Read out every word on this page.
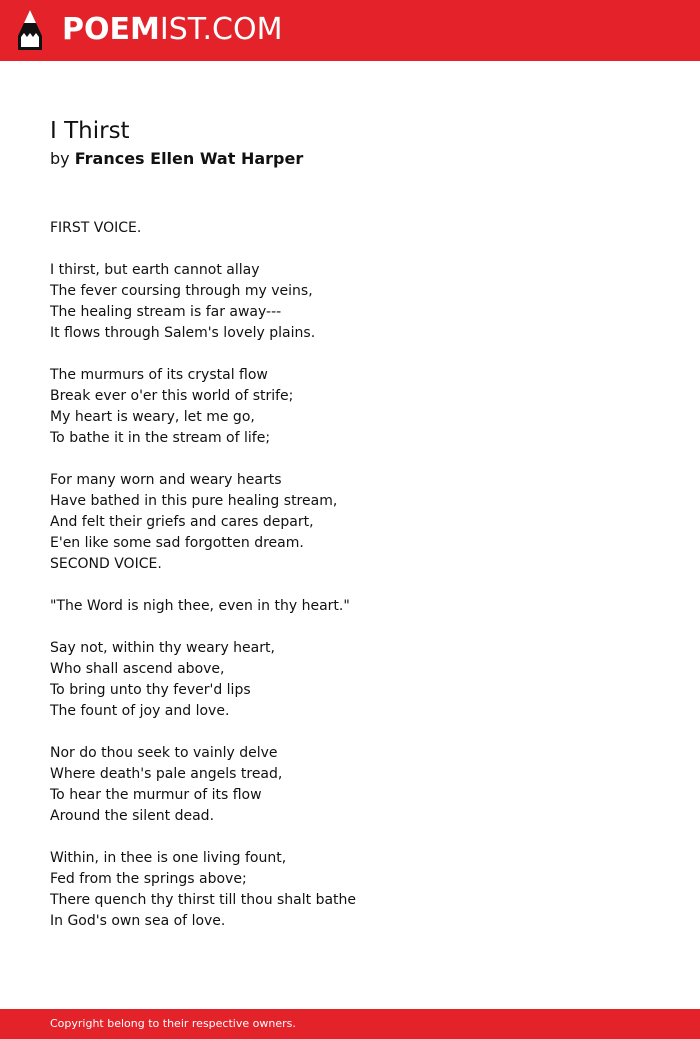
POEMIST.COM
I Thirst
by Frances Ellen Wat Harper
FIRST VOICE.
I thirst, but earth cannot allay
The fever coursing through my veins,
The healing stream is far away---
It flows through Salem's lovely plains.
The murmurs of its crystal flow
Break ever o'er this world of strife;
My heart is weary, let me go,
To bathe it in the stream of life;
For many worn and weary hearts
Have bathed in this pure healing stream,
And felt their griefs and cares depart,
E'en like some sad forgotten dream.
SECOND VOICE.
"The Word is nigh thee, even in thy heart."
Say not, within thy weary heart,
Who shall ascend above,
To bring unto thy fever'd lips
The fount of joy and love.
Nor do thou seek to vainly delve
Where death's pale angels tread,
To hear the murmur of its flow
Around the silent dead.
Within, in thee is one living fount,
Fed from the springs above;
There quench thy thirst till thou shalt bathe
In God's own sea of love.
Copyright belong to their respective owners.
